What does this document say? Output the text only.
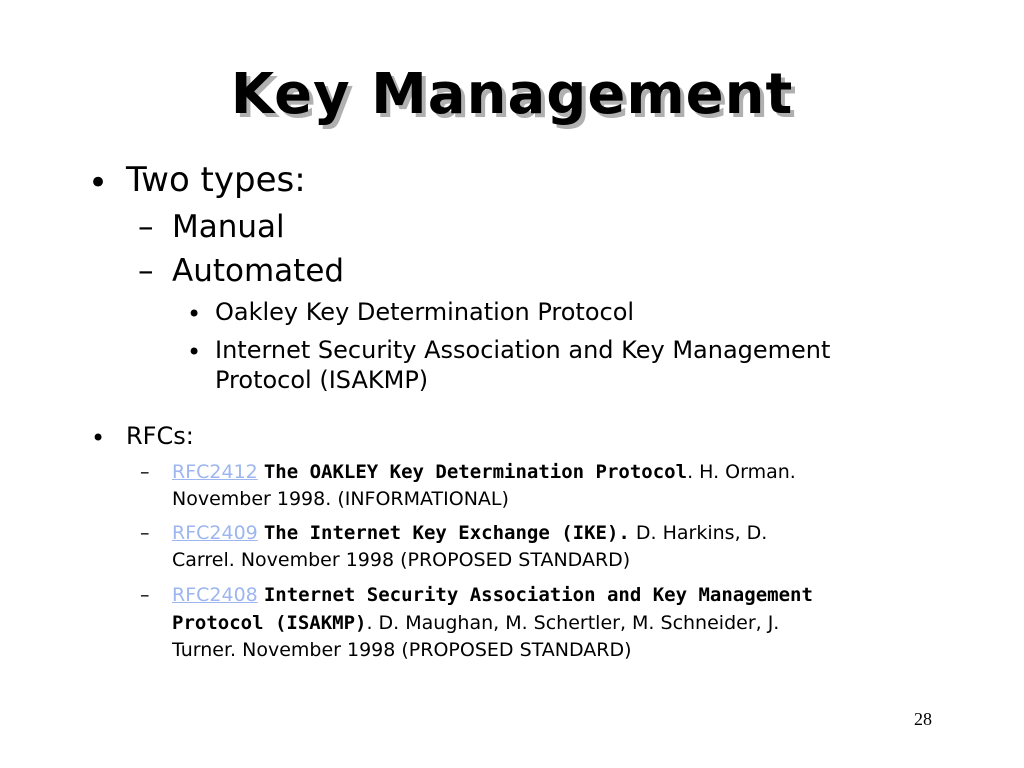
Key Management
• Two types:
– Manual
– Automated
• Oakley Key Determination Protocol
• Internet Security Association and Key Management
Protocol (ISAKMP)
• RFCs:
– RFC2412 The OAKLEY Key Determination Protocol. H. Orman.
November 1998. (INFORMATIONAL)
– RFC2409 The Internet Key Exchange (IKE). D. Harkins, D.
Carrel. November 1998 (PROPOSED STANDARD)
– RFC2408 Internet Security Association and Key Management
Protocol (ISAKMP). D. Maughan, M. Schertler, M. Schneider, J.
Turner. November 1998 (PROPOSED STANDARD)
28
